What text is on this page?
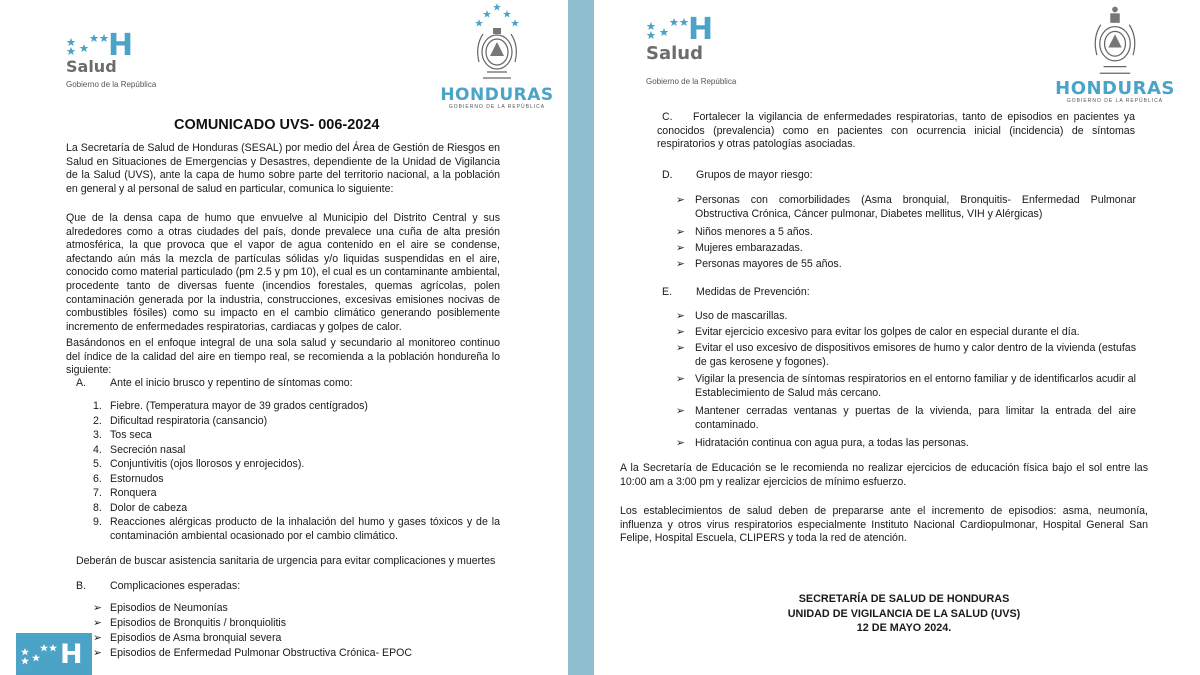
H
Salud
Gobierno de la República
HONDURAS
GOBIERNO DE LA REPÚBLICA
COMUNICADO UVS- 006-2024

La Secretaría de Salud de Honduras (SESAL) por medio del Área de Gestión de Riesgos en Salud en Situaciones de Emergencias y Desastres, dependiente de la Unidad de Vigilancia de la Salud (UVS), ante la capa de humo sobre parte del territorio nacional, a la población en general y al personal de salud en particular, comunica lo siguiente:

Que de la densa capa de humo que envuelve al Municipio del Distrito Central y sus alrededores como a otras ciudades del país, donde prevalece una cuña de alta presión atmosférica, la que provoca que el vapor de agua contenido en el aire se condense, afectando aún más la mezcla de partículas sólidas y/o liquidas suspendidas en el aire, conocido como material particulado (pm 2.5 y pm 10), el cual es un contaminante ambiental, procedente tanto de diversas fuente (incendios forestales, quemas agrícolas, polen contaminación generada por la industria, construcciones, excesivas emisiones nocivas de combustibles fósiles) como su impacto en el cambio climático generando posiblemente incremento de enfermedades respiratorias, cardiacas y golpes de calor.

Basándonos en el enfoque integral de una sola salud y secundario al monitoreo continuo del índice de la calidad del aire en tiempo real, se recomienda a la población hondureña lo siguiente:

A. Ante el inicio brusco y repentino de síntomas como:
1. Fiebre. (Temperatura mayor de 39 grados centígrados)
2. Dificultad respiratoria (cansancio)
3. Tos seca
4. Secreción nasal
5. Conjuntivitis (ojos llorosos y enrojecidos).
6. Estornudos
7. Ronquera
8. Dolor de cabeza
9. Reacciones alérgicas producto de la inhalación del humo y gases tóxicos y de la contaminación ambiental ocasionado por el cambio climático.

Deberán de buscar asistencia sanitaria de urgencia para evitar complicaciones y muertes

B. Complicaciones esperadas:
➢ Episodios de Neumonías
➢ Episodios de Bronquitis / bronquiolitis
➢ Episodios de Asma bronquial severa
➢ Episodios de Enfermedad Pulmonar Obstructiva Crónica- EPOC
H
H
Salud
Gobierno de la República	HONDURAS
GOBIERNO DE LA REPÚBLICA
C.	Fortalecer la vigilancia de enfermedades respiratorias, tanto de episodios en pacientes ya conocidos (prevalencia) como en pacientes con ocurrencia inicial (incidencia) de síntomas respiratorios y otras patologías asociadas.

D. Grupos de mayor riesgo:
➢ Personas con comorbilidades (Asma bronquial, Bronquitis- Enfermedad Pulmonar Obstructiva Crónica, Cáncer pulmonar, Diabetes mellitus, VIH y Alérgicas)
➢ Niños menores a 5 años.
➢ Mujeres embarazadas.
➢ Personas mayores de 55 años.
E. Medidas de Prevención:
➢ Uso de mascarillas.
➢ Evitar ejercicio excesivo para evitar los golpes de calor en especial durante el día.
➢ Evitar el uso excesivo de dispositivos emisores de humo y calor dentro de la vivienda (estufas de gas kerosene y fogones).
➢ Vigilar la presencia de síntomas respiratorios en el entorno familiar y de identificarlos acudir al Establecimiento de Salud más cercano.
➢ Mantener cerradas ventanas y puertas de la vivienda, para limitar la entrada del aire contaminado.
➢ Hidratación continua con agua pura, a todas las personas.

A la Secretaría de Educación se le recomienda no realizar ejercicios de educación física bajo el sol entre las 10:00 am a 3:00 pm y realizar ejercicios de mínimo esfuerzo.

Los establecimientos de salud deben de prepararse ante el incremento de episodios: asma, neumonía, influenza y otros virus respiratorios especialmente Instituto Nacional Cardiopulmonar, Hospital General San Felipe, Hospital Escuela, CLIPERS y toda la red de atención.

SECRETARÍA DE SALUD DE HONDURAS
UNIDAD DE VIGILANCIA DE LA SALUD (UVS)
12 DE MAYO 2024.
